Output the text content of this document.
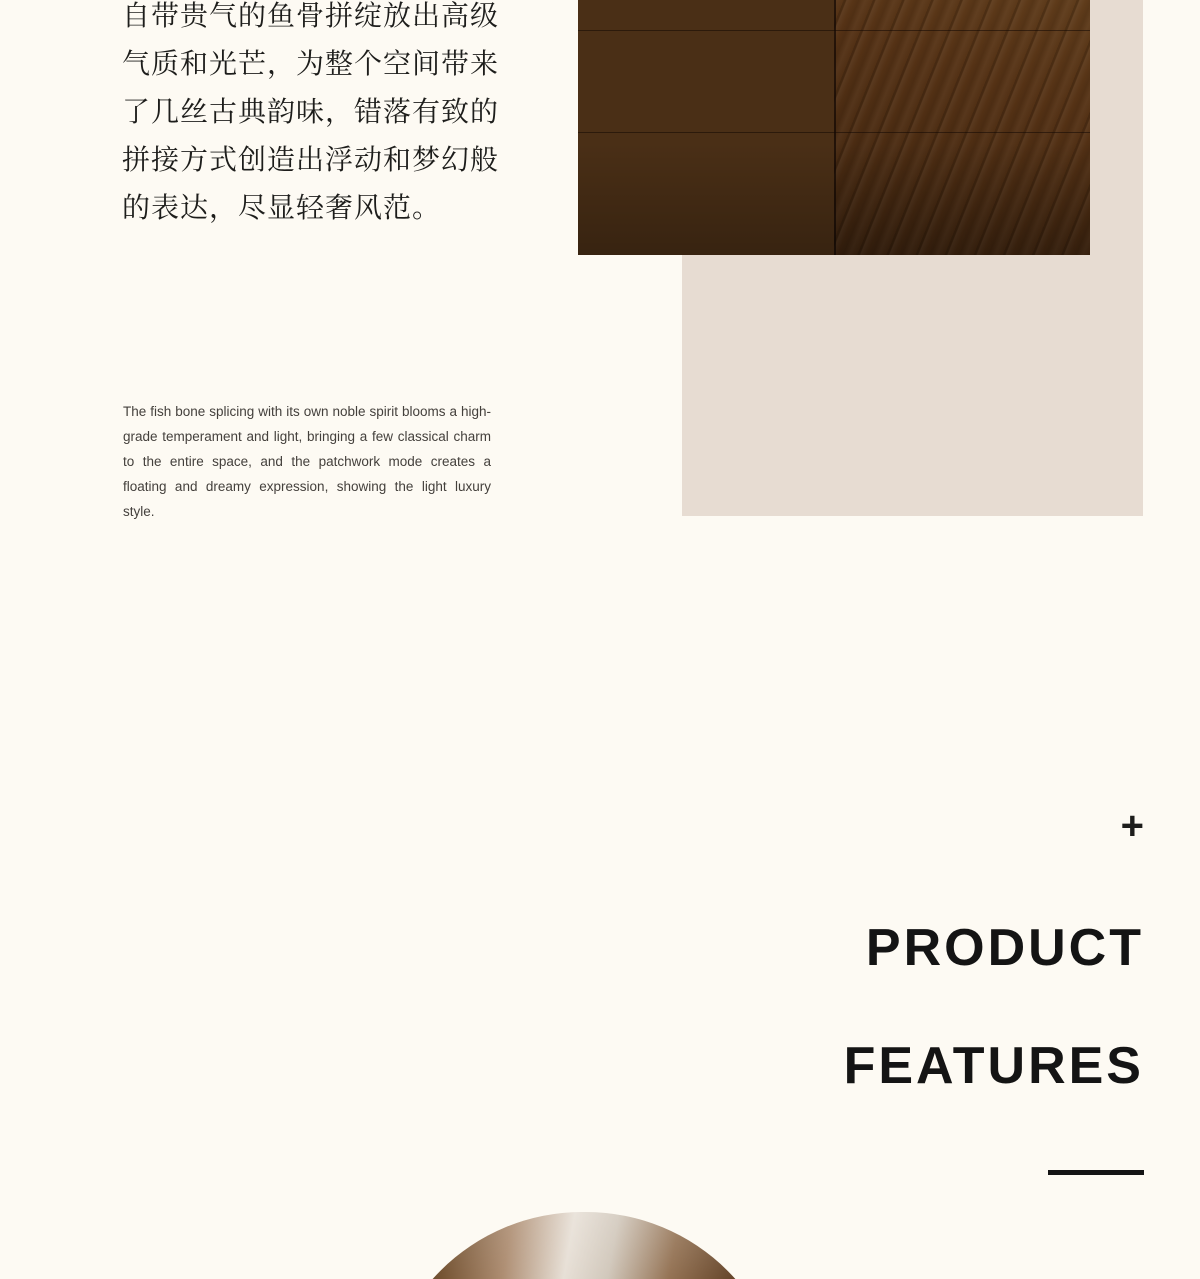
自带贵气的鱼骨拼绽放出高级气质和光芒，为整个空间带来了几丝古典韵味，错落有致的拼接方式创造出浮动和梦幻般的表达，尽显轻奢风范。
The fish bone splicing with its own noble spirit blooms a high-grade temperament and light, bringing a few classical charm to the entire space, and the patchwork mode creates a floating and dreamy expression, showing the light luxury style.
+
PRODUCT
FEATURES
